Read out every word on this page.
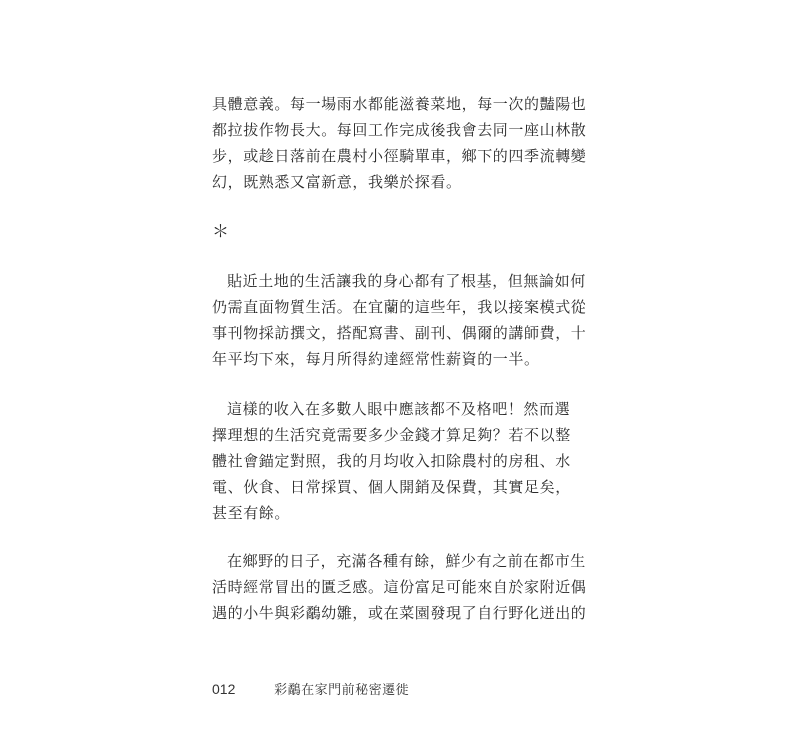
具體意義。每一場雨水都能滋養菜地，每一次的豔陽也
都拉拔作物長大。每回工作完成後我會去同一座山林散
步，或趁日落前在農村小徑騎單車，鄉下的四季流轉變
幻，既熟悉又富新意，我樂於探看。
＊
貼近土地的生活讓我的身心都有了根基，但無論如何
仍需直面物質生活。在宜蘭的這些年，我以接案模式從
事刊物採訪撰文，搭配寫書、副刊、偶爾的講師費，十
年平均下來，每月所得約達經常性薪資的一半。
這樣的收入在多數人眼中應該都不及格吧！然而選
擇理想的生活究竟需要多少金錢才算足夠？若不以整
體社會錨定對照，我的月均收入扣除農村的房租、水
電、伙食、日常採買、個人開銷及保費，其實足矣，
甚至有餘。
在鄉野的日子，充滿各種有餘，鮮少有之前在都市生
活時經常冒出的匱乏感。這份富足可能來自於家附近偶
遇的小牛與彩鷸幼雛，或在菜園發現了自行野化迸出的
012	彩鷸在家門前秘密遷徙
